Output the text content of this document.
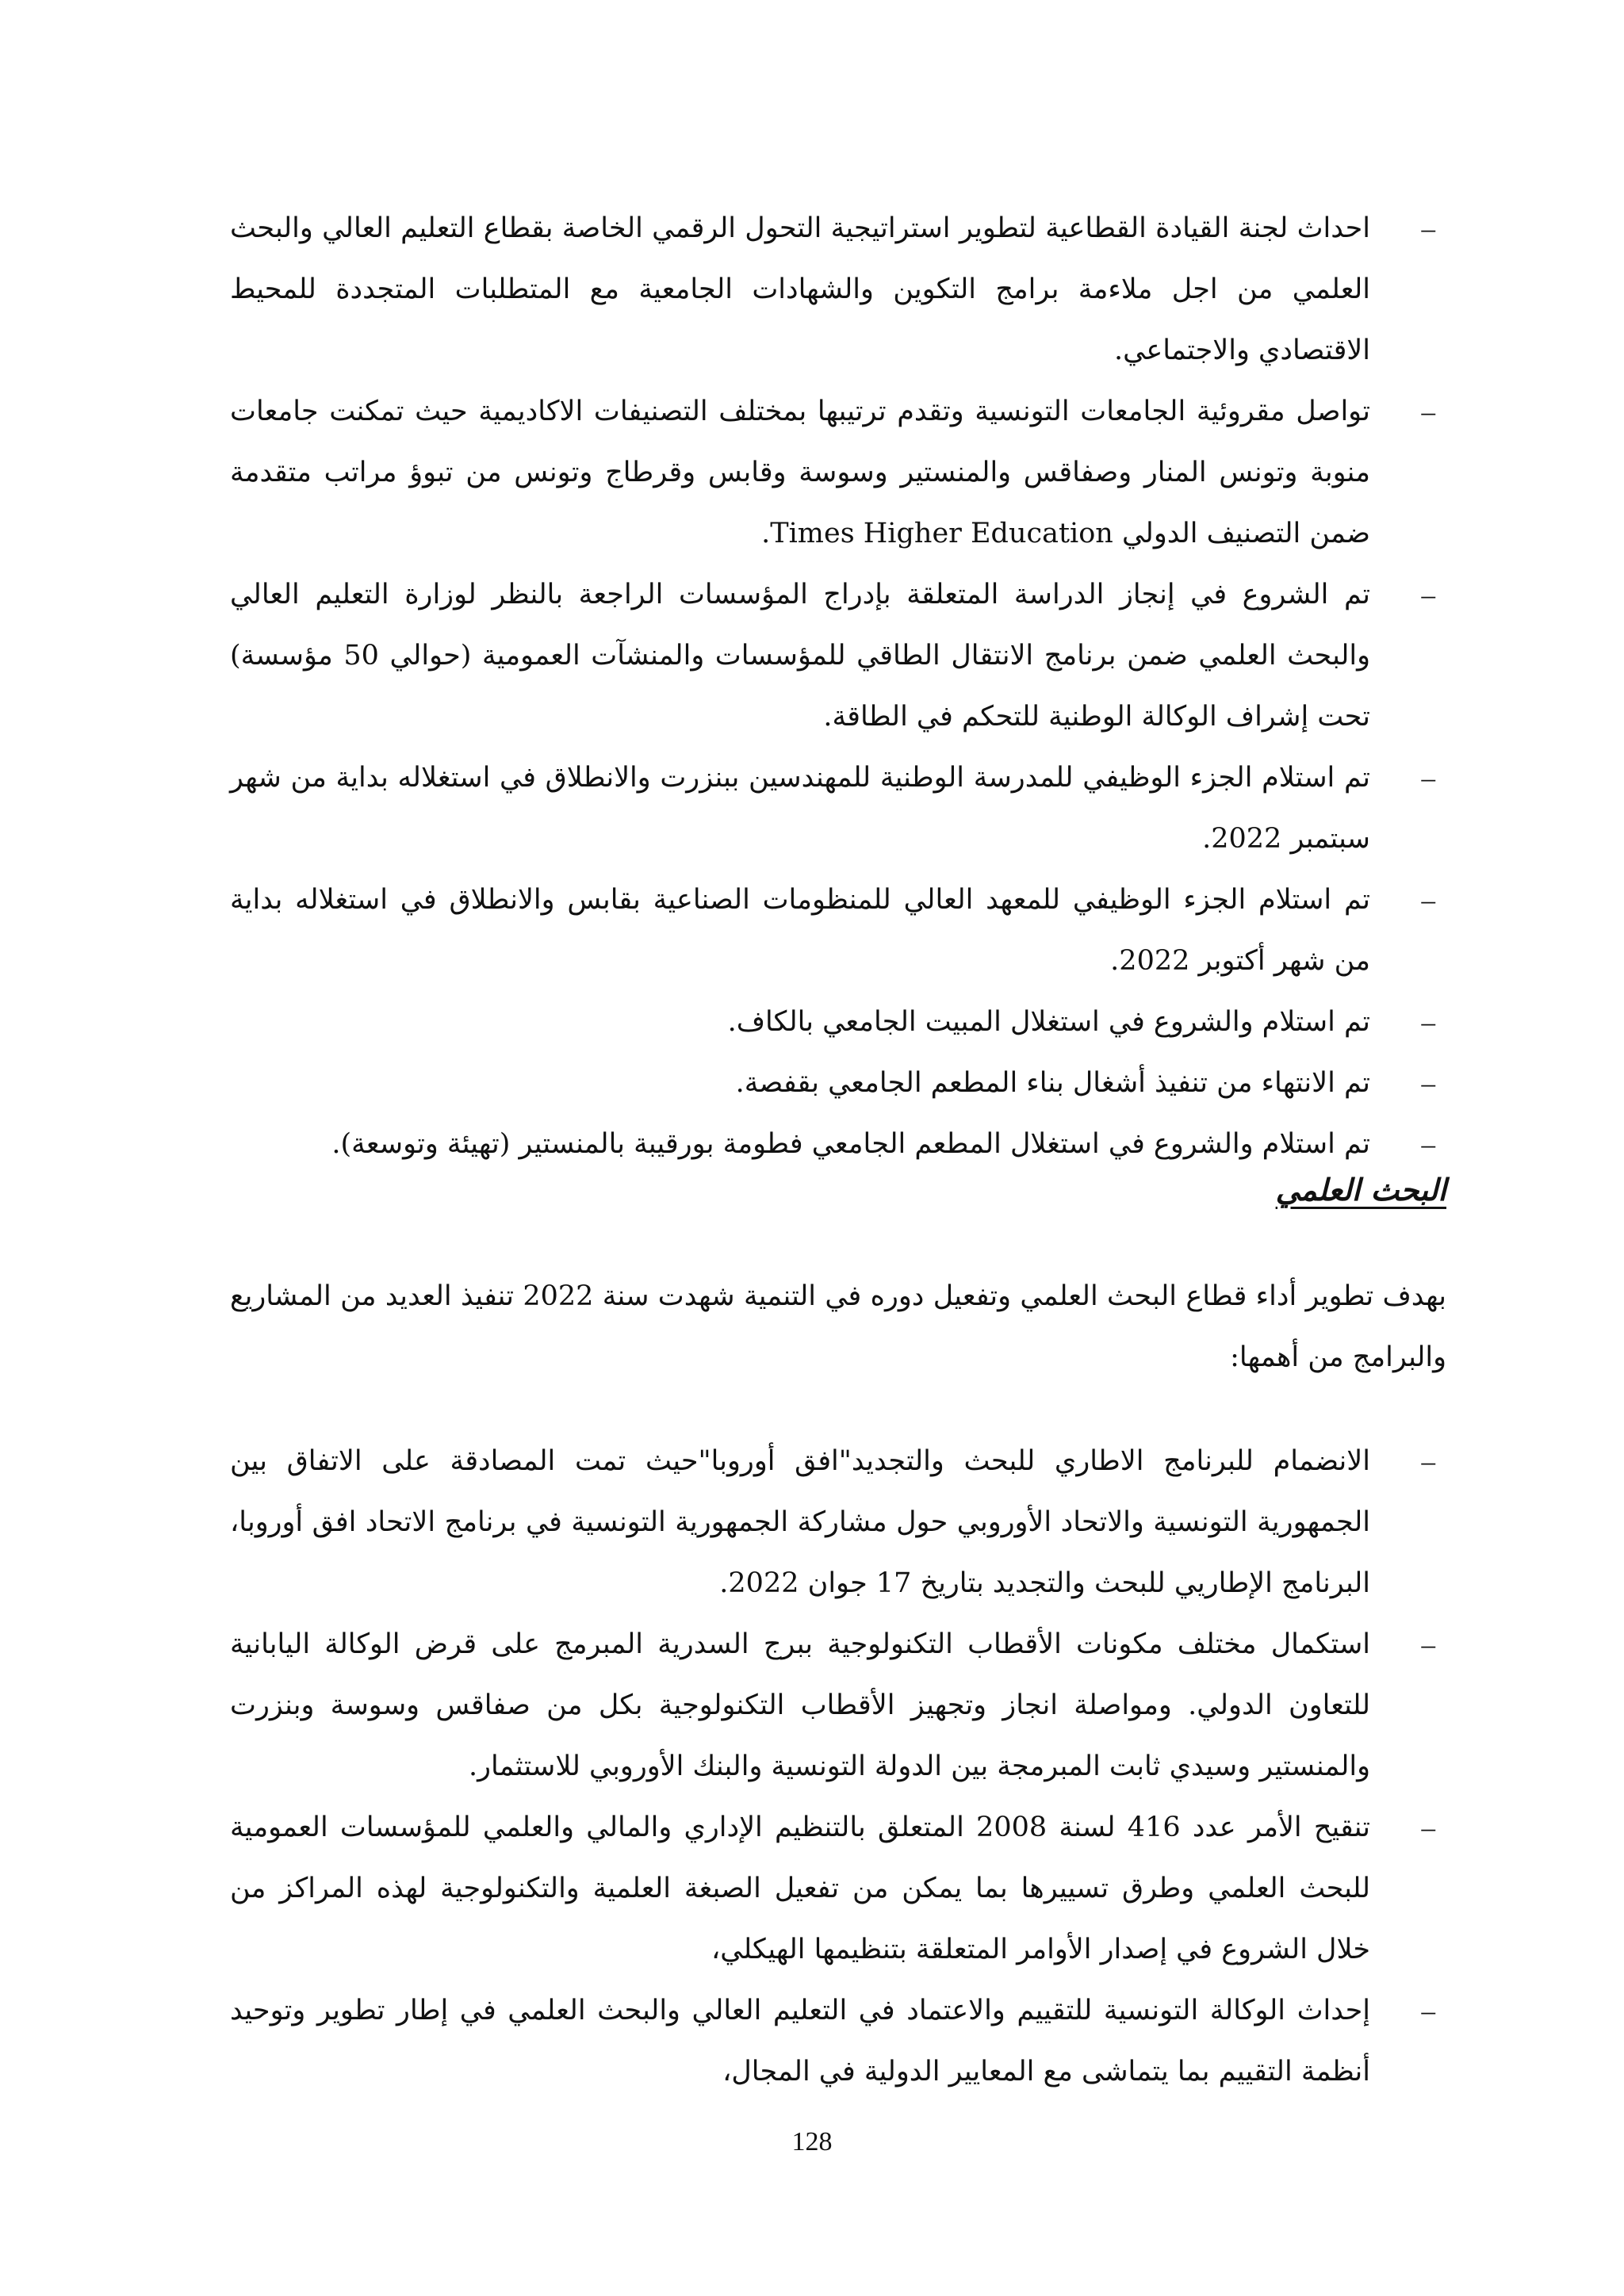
–
احداث لجنة القيادة القطاعية لتطوير استراتيجية التحول الرقمي الخاصة بقطاع التعليم العالي والبحث العلمي من اجل ملاءمة برامج التكوين والشهادات الجامعية مع المتطلبات المتجددة للمحيط الاقتصادي والاجتماعي.
–
تواصل مقروئية الجامعات التونسية وتقدم ترتيبها بمختلف التصنيفات الاكاديمية حيث تمكنت جامعات منوبة وتونس المنار وصفاقس والمنستير وسوسة وقابس وقرطاج وتونس من تبوؤ مراتب متقدمة ضمن التصنيف الدولي Times Higher Education.
–
تم الشروع في إنجاز الدراسة المتعلقة بإدراج المؤسسات الراجعة بالنظر لوزارة التعليم العالي والبحث العلمي ضمن برنامج الانتقال الطاقي للمؤسسات والمنشآت العمومية (حوالي 50 مؤسسة) تحت إشراف الوكالة الوطنية للتحكم في الطاقة.
–
تم استلام الجزء الوظيفي للمدرسة الوطنية للمهندسين ببنزرت والانطلاق في استغلاله بداية من شهر سبتمبر 2022.
–
تم استلام الجزء الوظيفي للمعهد العالي للمنظومات الصناعية بقابس والانطلاق في استغلاله بداية من شهر أكتوبر 2022.
–
تم استلام والشروع في استغلال المبيت الجامعي بالكاف.
–
تم الانتهاء من تنفيذ أشغال بناء المطعم الجامعي بقفصة.
–
تم استلام والشروع في استغلال المطعم الجامعي فطومة بورقيبة بالمنستير (تهيئة وتوسعة).
البحث العلمي

بهدف تطوير أداء قطاع البحث العلمي وتفعيل دوره في التنمية شهدت سنة 2022 تنفيذ العديد من المشاريع والبرامج من أهمها:

–
الانضمام للبرنامج الاطاري للبحث والتجديد"افق أوروبا"حيث تمت المصادقة على الاتفاق بين الجمهورية التونسية والاتحاد الأوروبي حول مشاركة الجمهورية التونسية في برنامج الاتحاد افق أوروبا، البرنامج الإطاريي للبحث والتجديد بتاريخ 17 جوان 2022.
–
استكمال مختلف مكونات الأقطاب التكنولوجية ببرج السدرية المبرمج على قرض الوكالة اليابانية للتعاون الدولي. ومواصلة انجاز وتجهيز الأقطاب التكنولوجية بكل من صفاقس وسوسة وبنزرت والمنستير وسيدي ثابت المبرمجة بين الدولة التونسية والبنك الأوروبي للاستثمار.
–
تنقيح الأمر عدد 416 لسنة 2008 المتعلق بالتنظيم الإداري والمالي والعلمي للمؤسسات العمومية للبحث العلمي وطرق تسييرها بما يمكن من تفعيل الصبغة العلمية والتكنولوجية لهذه المراكز من خلال الشروع في إصدار الأوامر المتعلقة بتنظيمها الهيكلي،
–
إحداث الوكالة التونسية للتقييم والاعتماد في التعليم العالي والبحث العلمي في إطار تطوير وتوحيد أنظمة التقييم بما يتماشى مع المعايير الدولية في المجال،
128
